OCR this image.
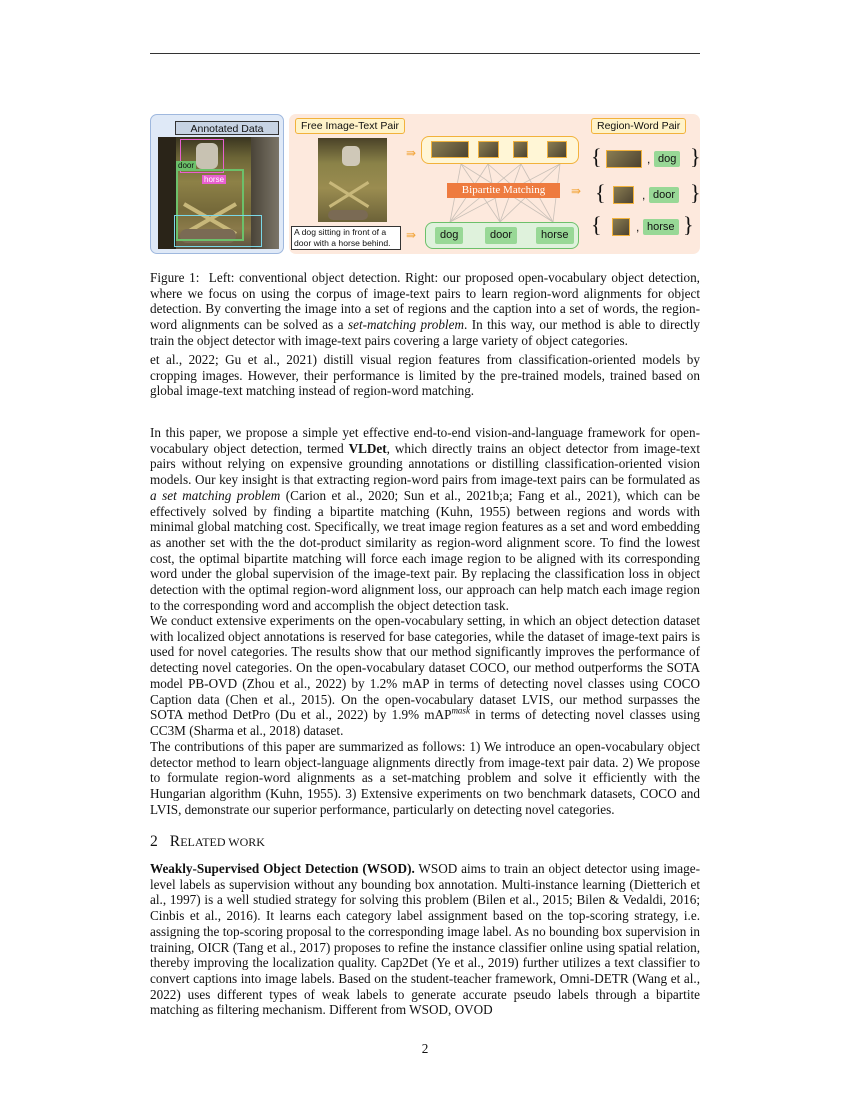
Annotated Data
door
horse
Free Image-Text Pair	Region-Word Pair
A dog sitting in front of a door with a horse behind.
⇛
⇛
Bipartite Matching
dog	door	horse
⇛
{	, dog }
{	, door }
{	, horse }

Figure 1: Left: conventional object detection. Right: our proposed open-vocabulary object detection, where we focus on using the corpus of image-text pairs to learn region-word alignments for object detection. By converting the image into a set of regions and the caption into a set of words, the region-word alignments can be solved as a set-matching problem. In this way, our method is able to directly train the object detector with image-text pairs covering a large variety of object categories.

et al., 2022; Gu et al., 2021) distill visual region features from classification-oriented models by cropping images. However, their performance is limited by the pre-trained models, trained based on global image-text matching instead of region-word matching.

In this paper, we propose a simple yet effective end-to-end vision-and-language framework for open-vocabulary object detection, termed VLDet, which directly trains an object detector from image-text pairs without relying on expensive grounding annotations or distilling classification-oriented vision models. Our key insight is that extracting region-word pairs from image-text pairs can be formulated as a set matching problem (Carion et al., 2020; Sun et al., 2021b;a; Fang et al., 2021), which can be effectively solved by finding a bipartite matching (Kuhn, 1955) between regions and words with minimal global matching cost. Specifically, we treat image region features as a set and word embedding as another set with the the dot-product similarity as region-word alignment score. To find the lowest cost, the optimal bipartite matching will force each image region to be aligned with its corresponding word under the global supervision of the image-text pair. By replacing the classification loss in object detection with the optimal region-word alignment loss, our approach can help match each image region to the corresponding word and accomplish the object detection task.

We conduct extensive experiments on the open-vocabulary setting, in which an object detection dataset with localized object annotations is reserved for base categories, while the dataset of image-text pairs is used for novel categories. The results show that our method significantly improves the performance of detecting novel categories. On the open-vocabulary dataset COCO, our method outperforms the SOTA model PB-OVD (Zhou et al., 2022) by 1.2% mAP in terms of detecting novel classes using COCO Caption data (Chen et al., 2015). On the open-vocabulary dataset LVIS, our method surpasses the SOTA method DetPro (Du et al., 2022) by 1.9% mAP$^{mask}$ in terms of detecting novel classes using CC3M (Sharma et al., 2018) dataset.

The contributions of this paper are summarized as follows: 1) We introduce an open-vocabulary object detector method to learn object-language alignments directly from image-text pair data. 2) We propose to formulate region-word alignments as a set-matching problem and solve it efficiently with the Hungarian algorithm (Kuhn, 1955). 3) Extensive experiments on two benchmark datasets, COCO and LVIS, demonstrate our superior performance, particularly on detecting novel categories.

2 RELATED WORK

Weakly-Supervised Object Detection (WSOD). WSOD aims to train an object detector using image-level labels as supervision without any bounding box annotation. Multi-instance learning (Dietterich et al., 1997) is a well studied strategy for solving this problem (Bilen et al., 2015; Bilen & Vedaldi, 2016; Cinbis et al., 2016). It learns each category label assignment based on the top-scoring strategy, i.e. assigning the top-scoring proposal to the corresponding image label. As no bounding box supervision in training, OICR (Tang et al., 2017) proposes to refine the instance classifier online using spatial relation, thereby improving the localization quality. Cap2Det (Ye et al., 2019) further utilizes a text classifier to convert captions into image labels. Based on the student-teacher framework, Omni-DETR (Wang et al., 2022) uses different types of weak labels to generate accurate pseudo labels through a bipartite matching as filtering mechanism. Different from WSOD, OVOD

2
